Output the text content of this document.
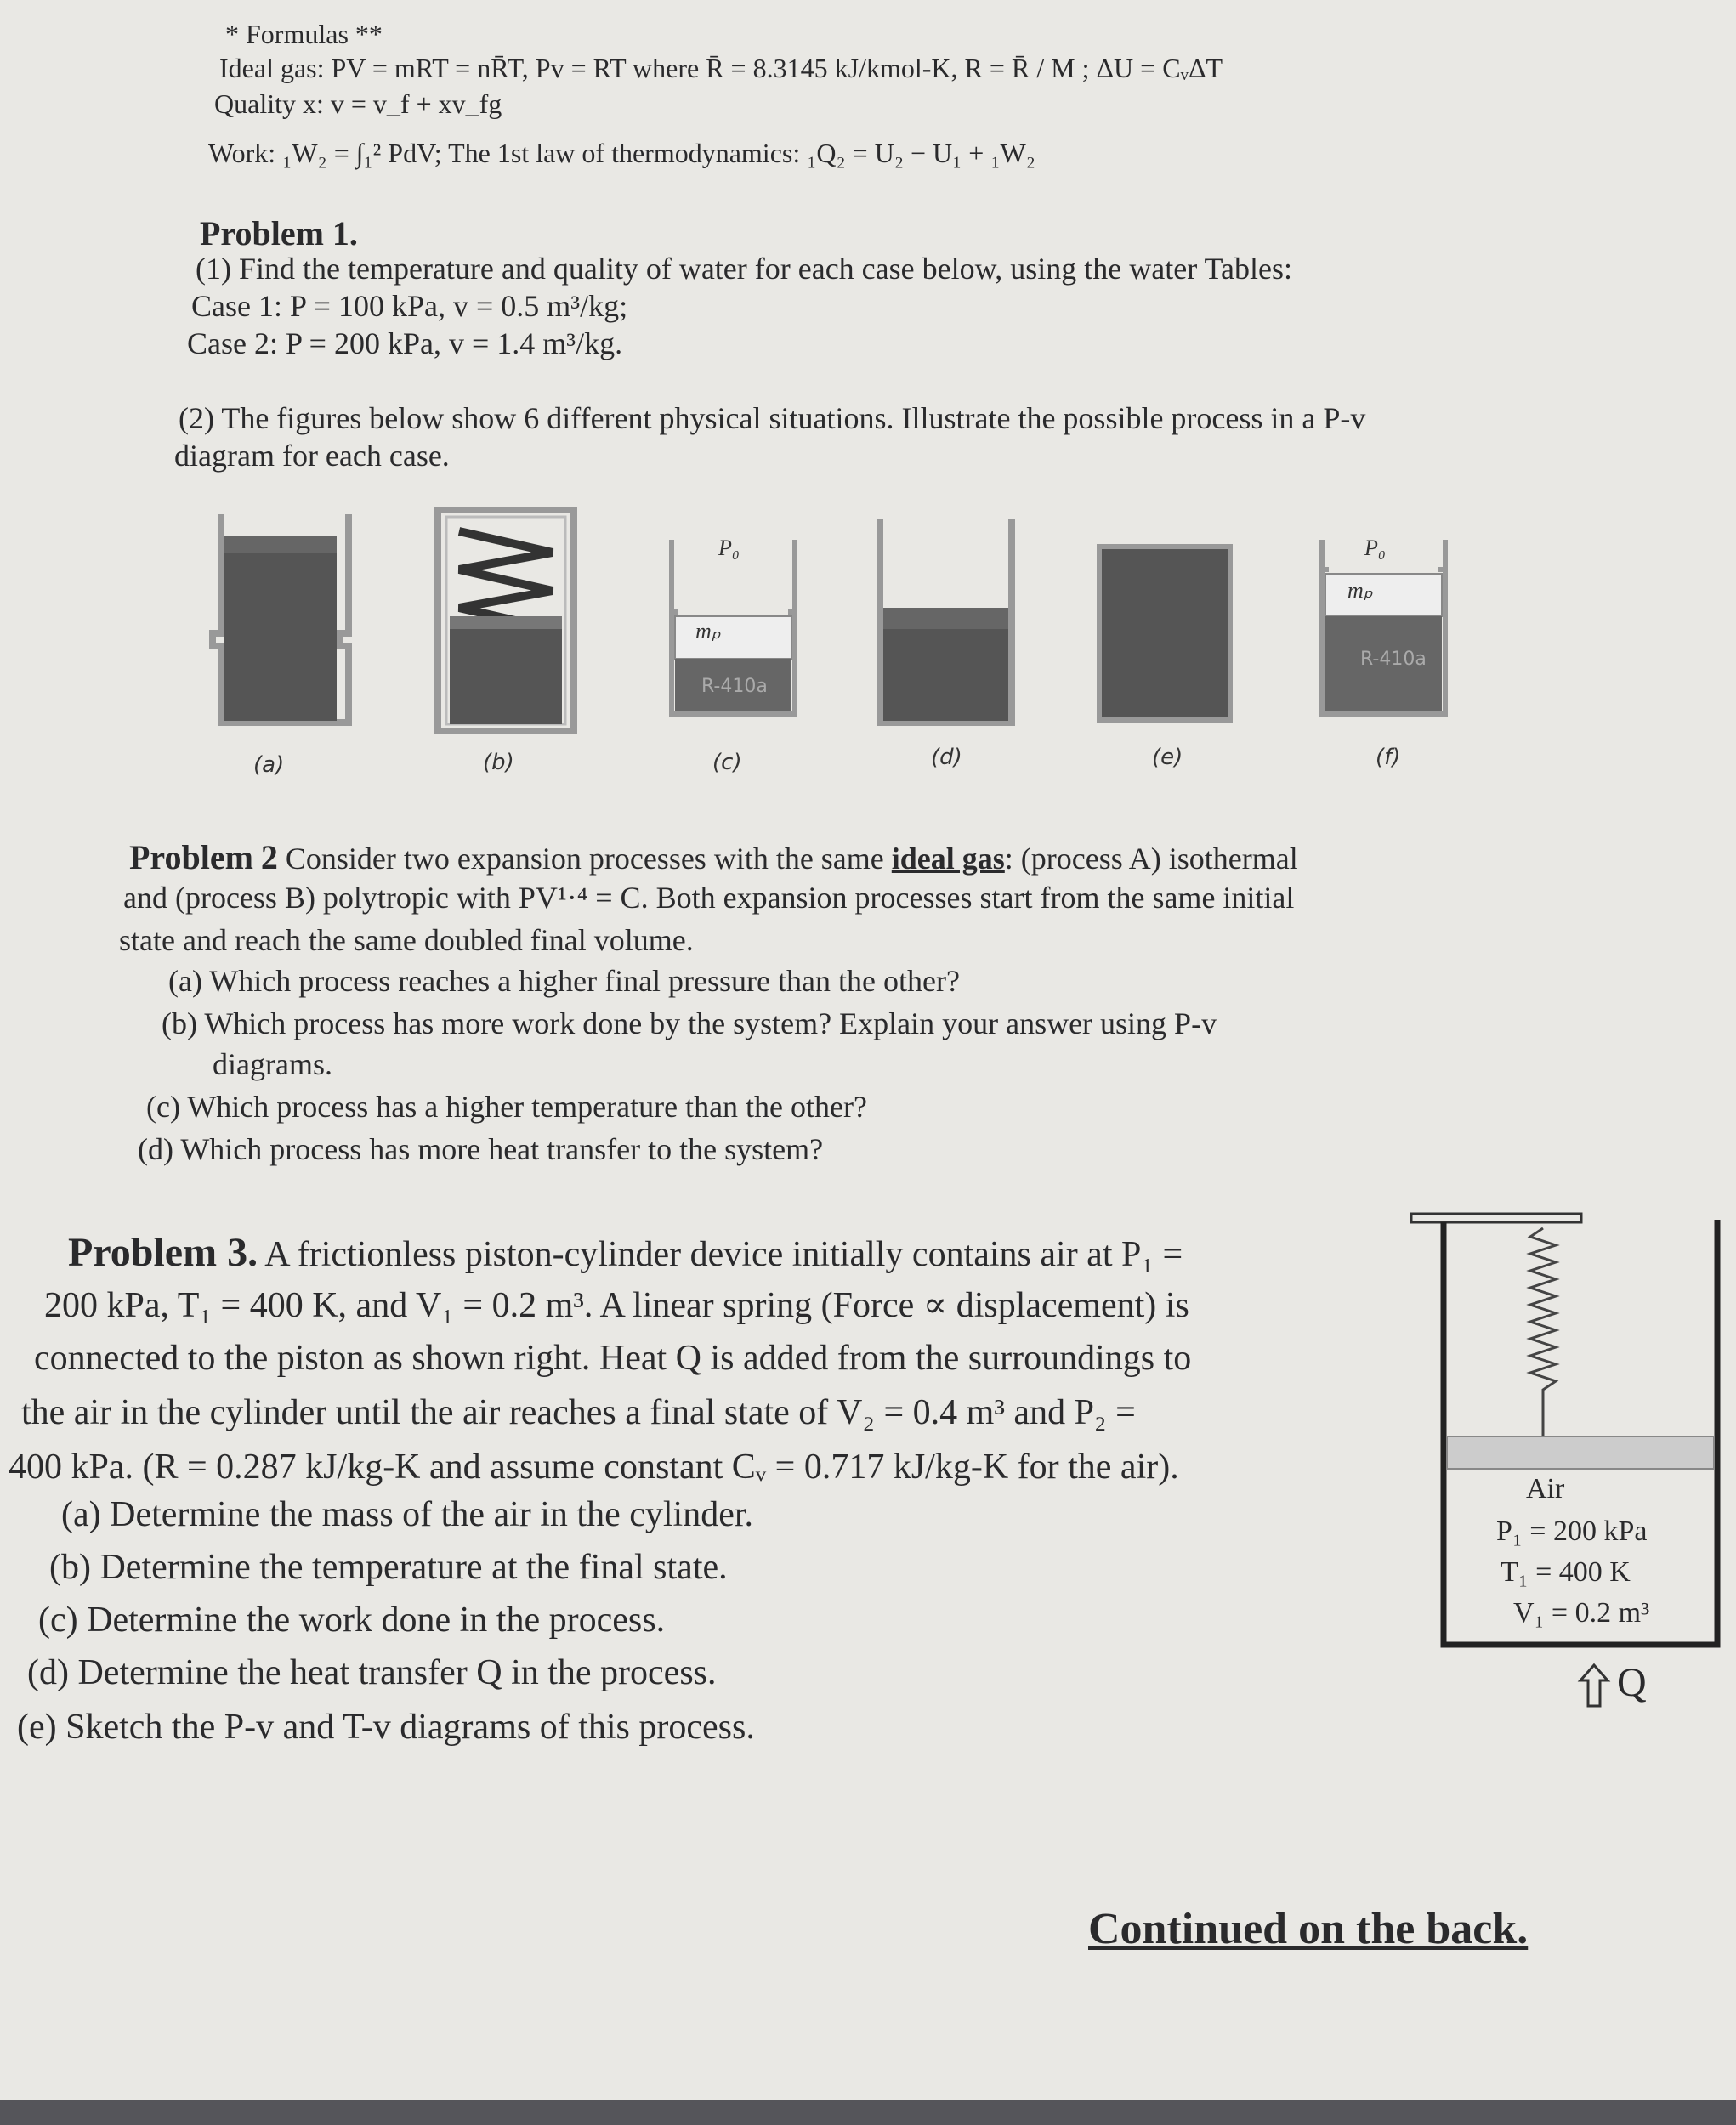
* Formulas **
Ideal gas: PV = mRT = nR̄T, Pv = RT where R̄ = 8.3145 kJ/kmol-K, R = R̄ / M ; ΔU = CᵥΔT
Quality x: v = v_f + xv_fg
Work: ₁W₂ = ∫₁² PdV; The 1st law of thermodynamics: ₁Q₂ = U₂ − U₁ + ₁W₂
Problem 1.
(1) Find the temperature and quality of water for each case below, using the water Tables:
Case 1: P = 100 kPa, v = 0.5 m³/kg;
Case 2: P = 200 kPa, v = 1.4 m³/kg.
(2) The figures below show 6 different physical situations. Illustrate the possible process in a P-v
diagram for each case.
P₀
mₚ
R-410a
P₀
mₚ
R-410a
(a)	(b)	(c)	(d)	(e)	(f)
Problem 2 Consider two expansion processes with the same ideal gas: (process A) isothermal
and (process B) polytropic with PV¹·⁴ = C. Both expansion processes start from the same initial
state and reach the same doubled final volume.
(a) Which process reaches a higher final pressure than the other?
(b) Which process has more work done by the system? Explain your answer using P-v
diagrams.
(c) Which process has a higher temperature than the other?
(d) Which process has more heat transfer to the system?
Problem 3. A frictionless piston-cylinder device initially contains air at P₁ =
200 kPa, T₁ = 400 K, and V₁ = 0.2 m³. A linear spring (Force ∝ displacement) is
connected to the piston as shown right. Heat Q is added from the surroundings to
the air in the cylinder until the air reaches a final state of V₂ = 0.4 m³ and P₂ =
400 kPa. (R = 0.287 kJ/kg-K and assume constant Cᵥ = 0.717 kJ/kg-K for the air).
(a) Determine the mass of the air in the cylinder.
(b) Determine the temperature at the final state.
(c) Determine the work done in the process.
(d) Determine the heat transfer Q in the process.
(e) Sketch the P-v and T-v diagrams of this process.
Air
P₁ = 200 kPa
T₁ = 400 K
V₁ = 0.2 m³
Q
Continued on the back.
